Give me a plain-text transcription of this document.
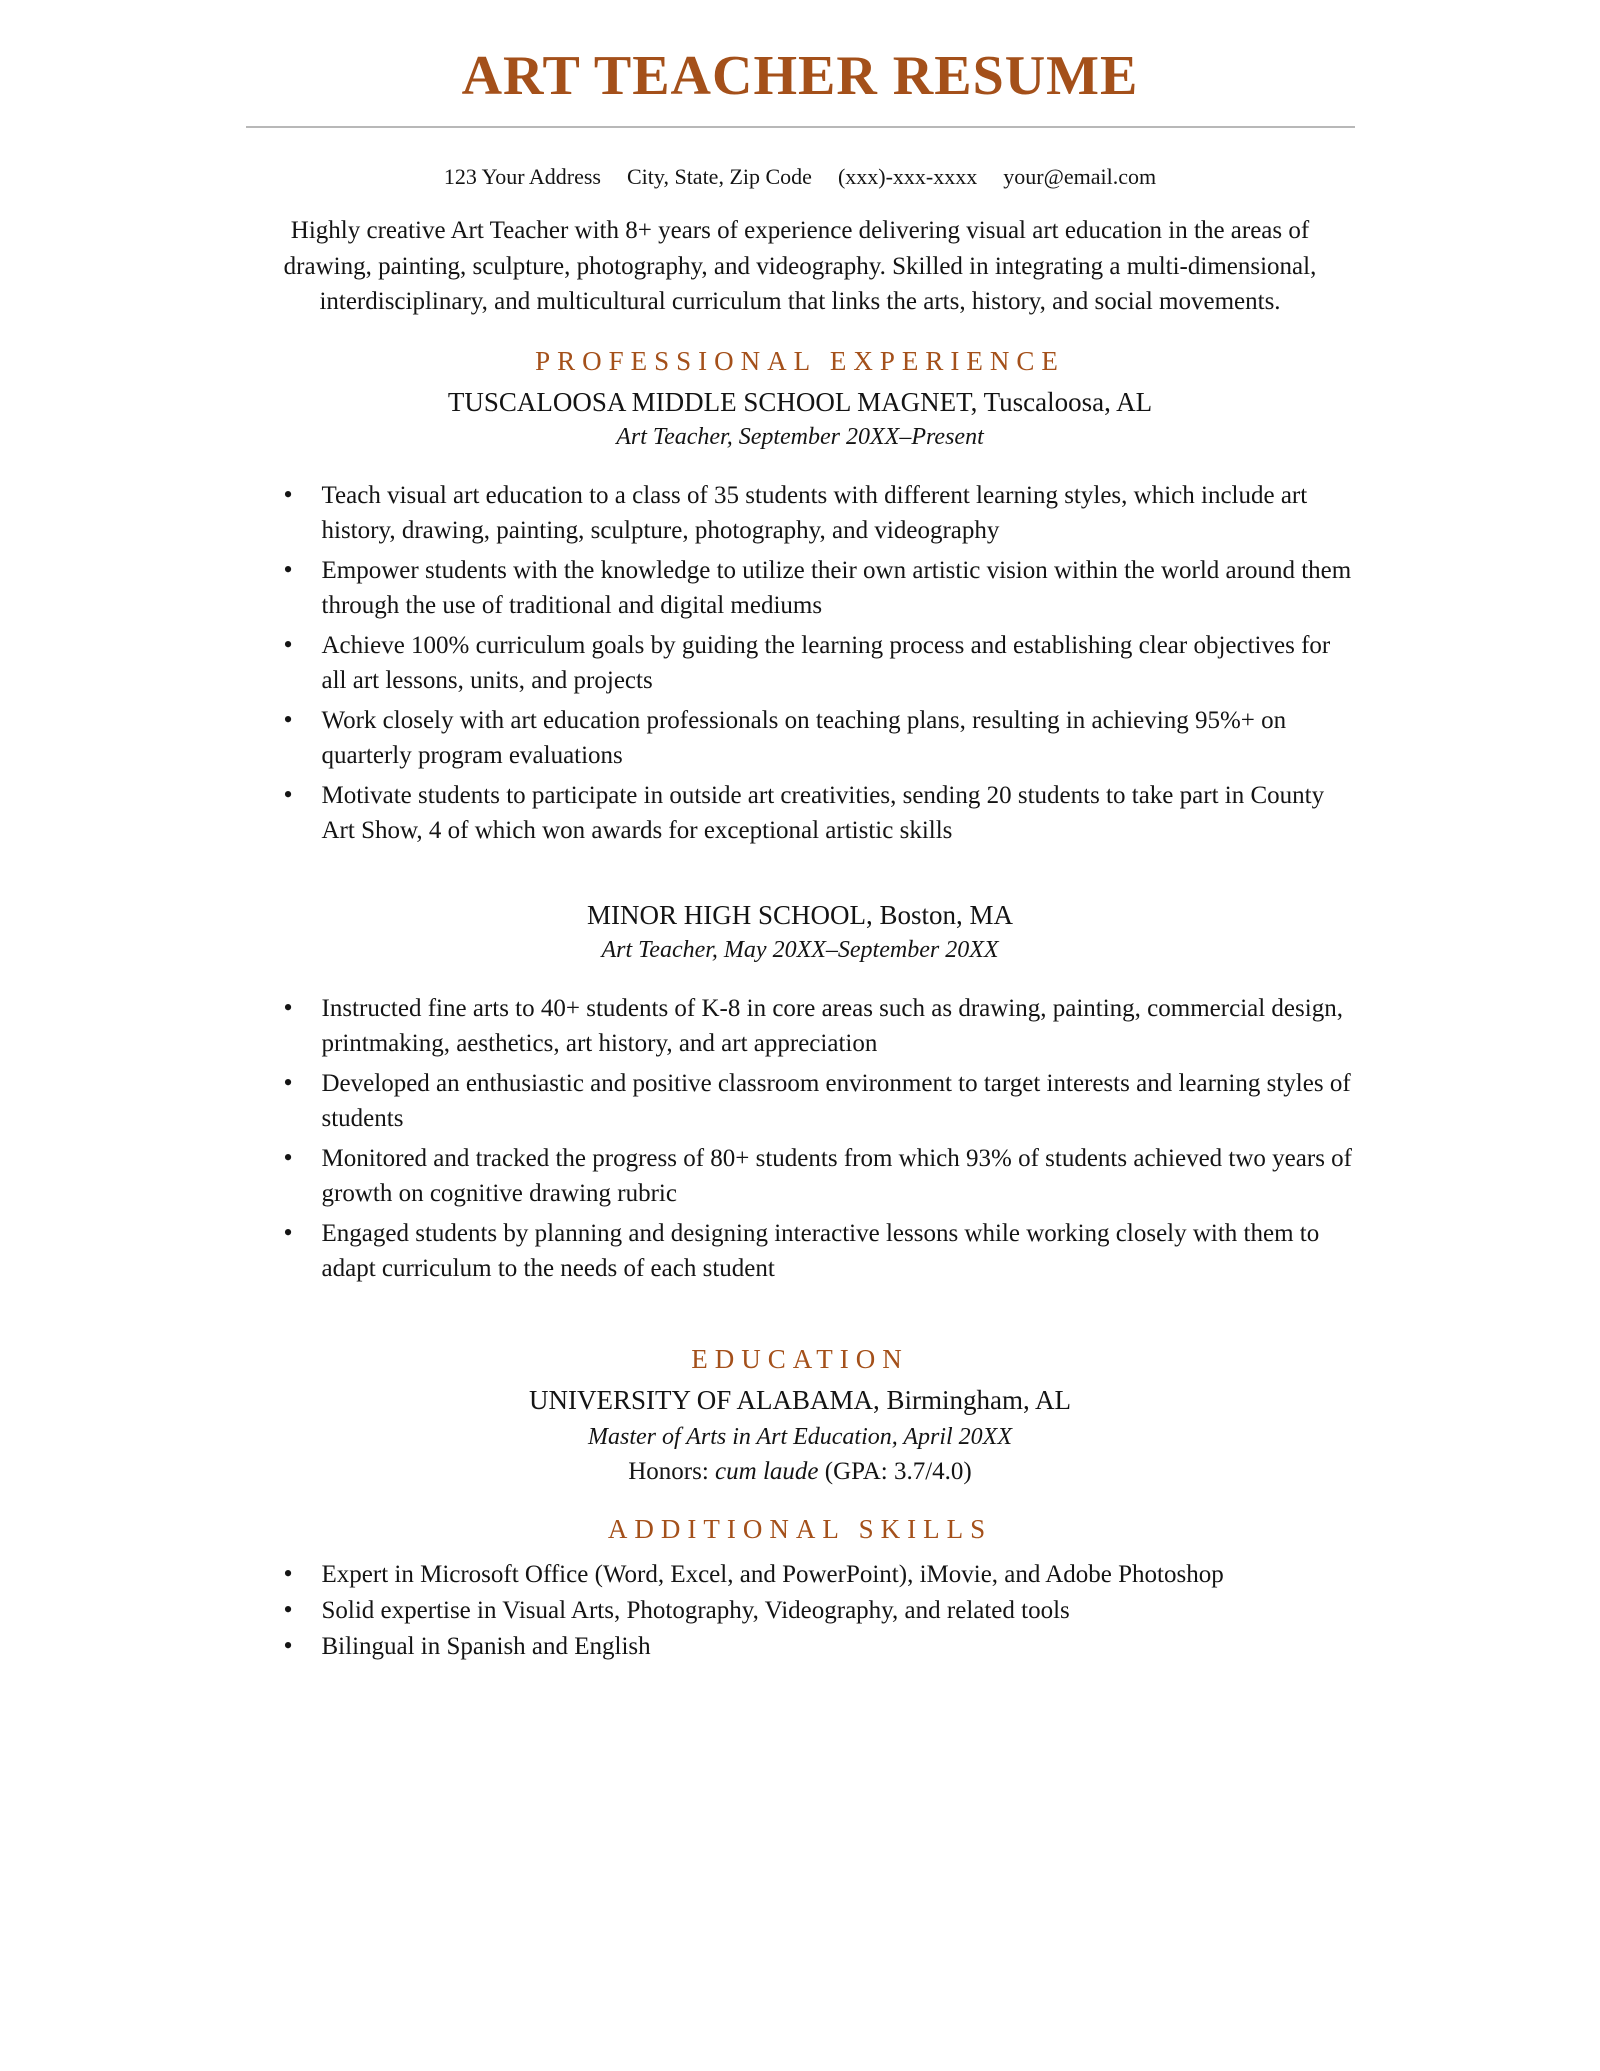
ART TEACHER RESUME
123 Your Address City, State, Zip Code (xxx)-xxx-xxxx your@email.com

Highly creative Art Teacher with 8+ years of experience delivering visual art education in the areas of drawing, painting, sculpture, photography, and videography. Skilled in integrating a multi-dimensional, interdisciplinary, and multicultural curriculum that links the arts, history, and social movements.

PROFESSIONAL EXPERIENCE
TUSCALOOSA MIDDLE SCHOOL MAGNET, Tuscaloosa, AL
Art Teacher, September 20XX–Present
• Teach visual art education to a class of 35 students with different learning styles, which include art history, drawing, painting, sculpture, photography, and videography
• Empower students with the knowledge to utilize their own artistic vision within the world around them through the use of traditional and digital mediums
• Achieve 100% curriculum goals by guiding the learning process and establishing clear objectives for all art lessons, units, and projects
• Work closely with art education professionals on teaching plans, resulting in achieving 95%+ on quarterly program evaluations
• Motivate students to participate in outside art creativities, sending 20 students to take part in County Art Show, 4 of which won awards for exceptional artistic skills
MINOR HIGH SCHOOL, Boston, MA
Art Teacher, May 20XX–September 20XX
• Instructed fine arts to 40+ students of K-8 in core areas such as drawing, painting, commercial design, printmaking, aesthetics, art history, and art appreciation
• Developed an enthusiastic and positive classroom environment to target interests and learning styles of students
• Monitored and tracked the progress of 80+ students from which 93% of students achieved two years of growth on cognitive drawing rubric
• Engaged students by planning and designing interactive lessons while working closely with them to adapt curriculum to the needs of each student
EDUCATION
UNIVERSITY OF ALABAMA, Birmingham, AL
Master of Arts in Art Education, April 20XX
Honors: cum laude (GPA: 3.7/4.0)
ADDITIONAL SKILLS
• Expert in Microsoft Office (Word, Excel, and PowerPoint), iMovie, and Adobe Photoshop
• Solid expertise in Visual Arts, Photography, Videography, and related tools
• Bilingual in Spanish and English
